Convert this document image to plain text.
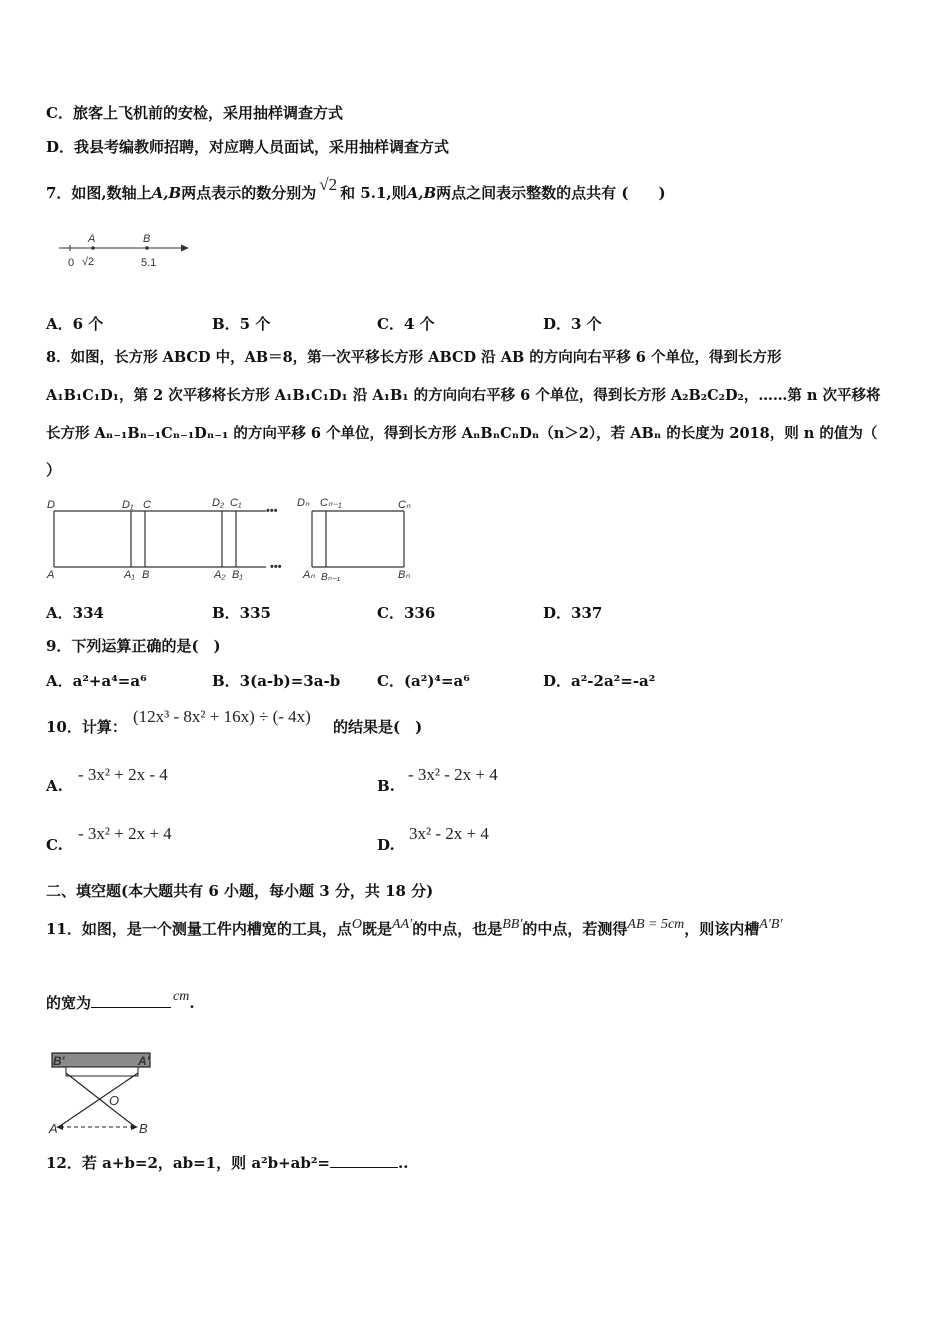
C．旅客上飞机前的安检，采用抽样调查方式
D．我县考编教师招聘，对应聘人员面试，采用抽样调查方式
7．如图,数轴上A,B两点表示的数分别为 √2 和 5.1,则A,B两点之间表示整数的点共有 (　　)
A	B
0 √2	5.1
A．6 个	B．5 个	C．4 个	D．3 个
8．如图，长方形 ABCD 中，AB＝8，第一次平移长方形 ABCD 沿 AB 的方向向右平移 6 个单位，得到长方形
A₁B₁C₁D₁，第 2 次平移将长方形 A₁B₁C₁D₁ 沿 A₁B₁ 的方向向右平移 6 个单位，得到长方形 A₂B₂C₂D₂，……第 n 次平移将
长方形 Aₙ₋₁Bₙ₋₁Cₙ₋₁Dₙ₋₁ 的方向平移 6 个单位，得到长方形 AₙBₙCₙDₙ（n＞2），若 ABₙ 的长度为 2018，则 n 的值为（
）
D	D₁ C	D₂ C₁
•••
Dₙ Cₙ₋₁	Cₙ
A	A₁ B	A₂ B₁
•••
Aₙ Bₙ₋₁	Bₙ
A．334	B．335	C．336	D．337
9．下列运算正确的是(　)
A．a²+a⁴=a⁶	B．3(a-b)=3a-b C．(a²)⁴=a⁶	D．a²-2a²=-a²
10．计算：
(12x³ - 8x² + 16x) ÷ (- 4x)
的结果是(　)
A.
- 3x² + 2x - 4
B.
- 3x² - 2x + 4
C.
- 3x² + 2x + 4
D.
3x² - 2x + 4
二、填空题(本大题共有 6 小题，每小题 3 分，共 18 分)
11．如图，是一个测量工件内槽宽的工具，点O既是AA′的中点，也是BB′的中点，若测得AB = 5cm，则该内槽A′B′
的宽为	cm.
B'	A'
O
A	B
12．若 a+b=2，ab=1，则 a²b+ab²=	..
